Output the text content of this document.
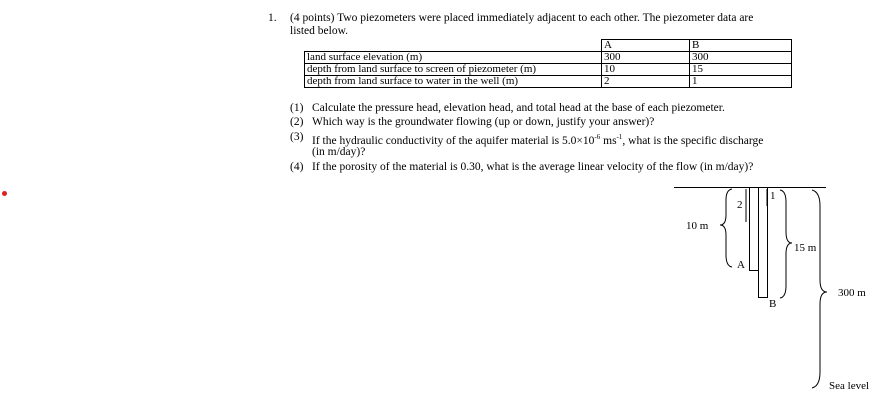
1. (4 points) Two piezometers were placed immediately adjacent to each other. The piezometer data are
listed below.
	A	B
land surface elevation (m)	300	300
depth from land surface to screen of piezometer (m)	10	15
depth from land surface to water in the well (m)	2	1
(1) Calculate the pressure head, elevation head, and total head at the base of each piezometer.
(2) Which way is the groundwater flowing (up or down, justify your answer)?
(3) If the hydraulic conductivity of the aquifer material is $5.0\times 10^{-6}$ $ms^{-1}$, what is the specific discharge
(in m/day)?
(4) If the porosity of the material is 0.30, what is the average linear velocity of the flow (in m/day)?
2
1
A
B
10 m
15 m
300 m
Sea level
